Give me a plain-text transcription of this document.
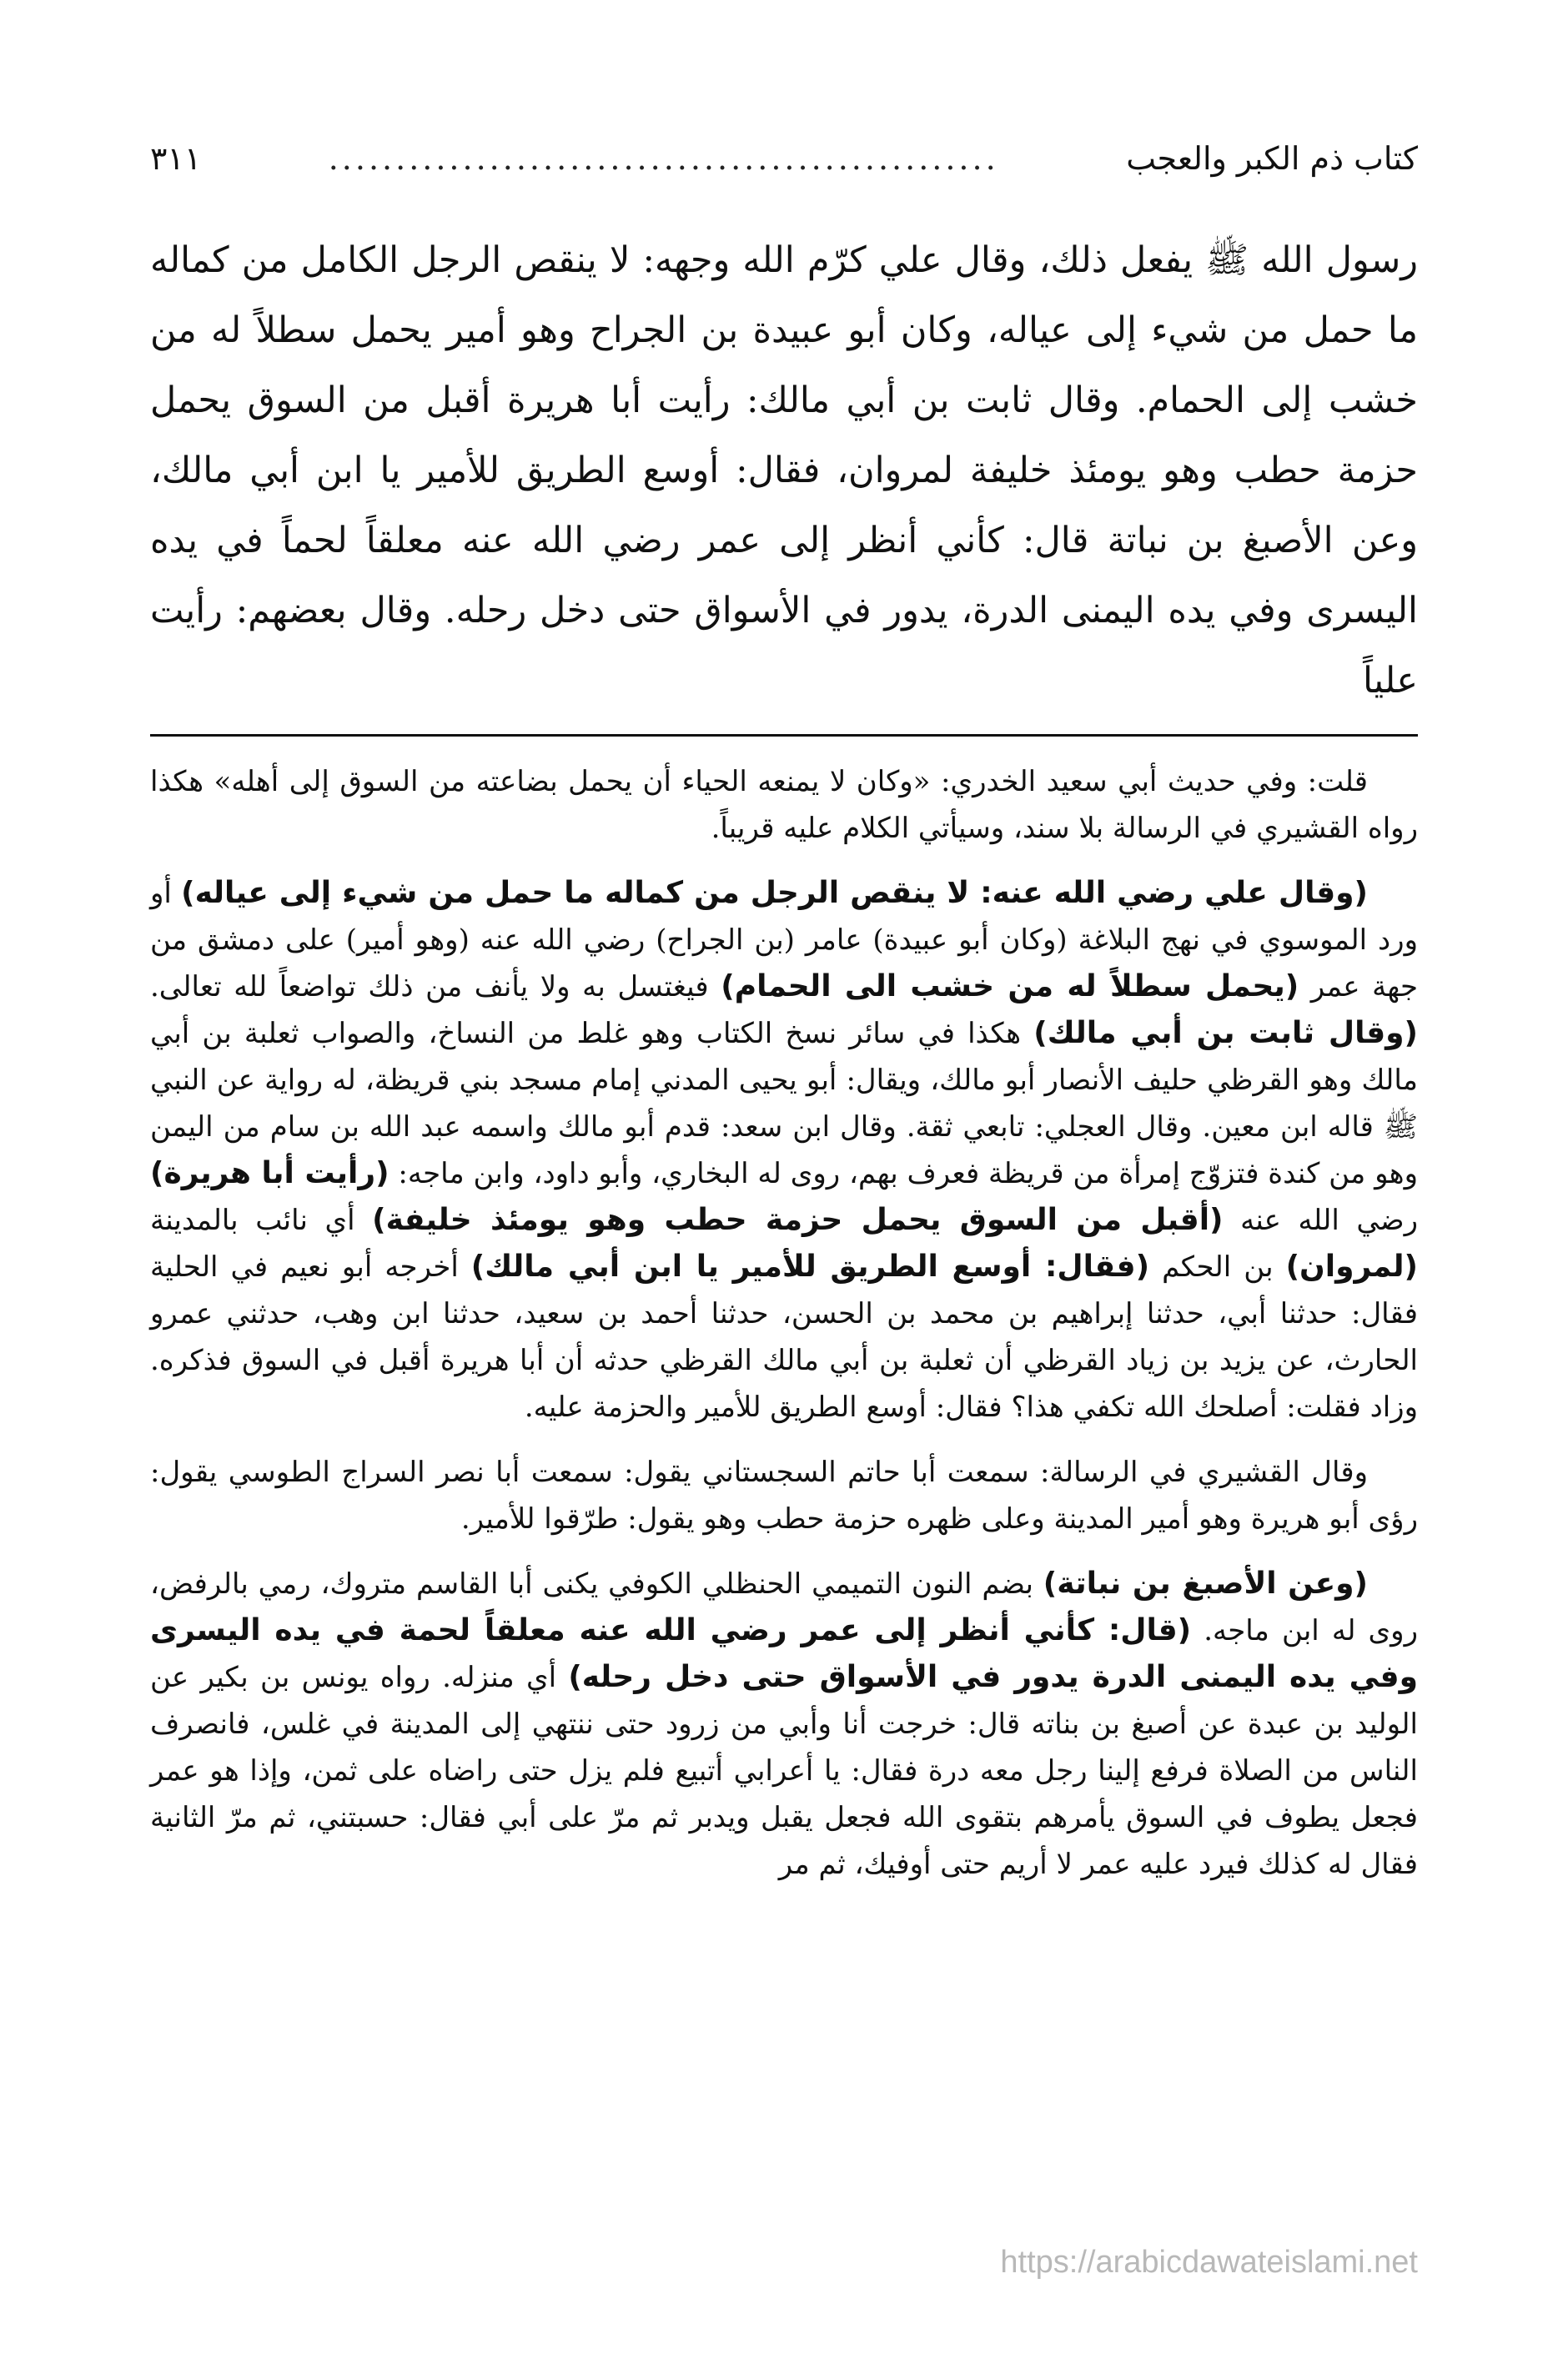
كتاب ذم الكبر والعجب
..................................................
٣١١
رسول الله ﷺ يفعل ذلك، وقال علي كرّم الله وجهه: لا ينقص الرجل الكامل من كماله ما حمل من شيء إلى عياله، وكان أبو عبيدة بن الجراح وهو أمير يحمل سطلاً له من خشب إلى الحمام. وقال ثابت بن أبي مالك: رأيت أبا هريرة أقبل من السوق يحمل حزمة حطب وهو يومئذ خليفة لمروان، فقال: أوسع الطريق للأمير يا ابن أبي مالك، وعن الأصبغ بن نباتة قال: كأني أنظر إلى عمر رضي الله عنه معلقاً لحماً في يده اليسرى وفي يده اليمنى الدرة، يدور في الأسواق حتى دخل رحله. وقال بعضهم: رأيت علياً

قلت: وفي حديث أبي سعيد الخدري: «وكان لا يمنعه الحياء أن يحمل بضاعته من السوق إلى أهله» هكذا رواه القشيري في الرسالة بلا سند، وسيأتي الكلام عليه قريباً.

(وقال علي رضي الله عنه: لا ينقص الرجل من كماله ما حمل من شيء إلى عياله) أو ورد الموسوي في نهج البلاغة (وكان أبو عبيدة) عامر (بن الجراح) رضي الله عنه (وهو أمير) على دمشق من جهة عمر (يحمل سطلاً له من خشب الى الحمام) فيغتسل به ولا يأنف من ذلك تواضعاً لله تعالى. (وقال ثابت بن أبي مالك) هكذا في سائر نسخ الكتاب وهو غلط من النساخ، والصواب ثعلبة بن أبي مالك وهو القرظي حليف الأنصار أبو مالك، ويقال: أبو يحيى المدني إمام مسجد بني قريظة، له رواية عن النبي ﷺ قاله ابن معين. وقال العجلي: تابعي ثقة. وقال ابن سعد: قدم أبو مالك واسمه عبد الله بن سام من اليمن وهو من كندة فتزوّج إمرأة من قريظة فعرف بهم، روى له البخاري، وأبو داود، وابن ماجه: (رأيت أبا هريرة) رضي الله عنه (أقبل من السوق يحمل حزمة حطب وهو يومئذ خليفة) أي نائب بالمدينة (لمروان) بن الحكم (فقال: أوسع الطريق للأمير يا ابن أبي مالك) أخرجه أبو نعيم في الحلية فقال: حدثنا أبي، حدثنا إبراهيم بن محمد بن الحسن، حدثنا أحمد بن سعيد، حدثنا ابن وهب، حدثني عمرو الحارث، عن يزيد بن زياد القرظي أن ثعلبة بن أبي مالك القرظي حدثه أن أبا هريرة أقبل في السوق فذكره. وزاد فقلت: أصلحك الله تكفي هذا؟ فقال: أوسع الطريق للأمير والحزمة عليه.

وقال القشيري في الرسالة: سمعت أبا حاتم السجستاني يقول: سمعت أبا نصر السراج الطوسي يقول: رؤى أبو هريرة وهو أمير المدينة وعلى ظهره حزمة حطب وهو يقول: طرّقوا للأمير.

(وعن الأصبغ بن نباتة) بضم النون التميمي الحنظلي الكوفي يكنى أبا القاسم متروك، رمي بالرفض، روى له ابن ماجه. (قال: كأني أنظر إلى عمر رضي الله عنه معلقاً لحمة في يده اليسرى وفي يده اليمنى الدرة يدور في الأسواق حتى دخل رحله) أي منزله. رواه يونس بن بكير عن الوليد بن عبدة عن أصبغ بن بناته قال: خرجت أنا وأبي من زرود حتى ننتهي إلى المدينة في غلس، فانصرف الناس من الصلاة فرفع إلينا رجل معه درة فقال: يا أعرابي أتبيع فلم يزل حتى راضاه على ثمن، وإذا هو عمر فجعل يطوف في السوق يأمرهم بتقوى الله فجعل يقبل ويدبر ثم مرّ على أبي فقال: حسبتني، ثم مرّ الثانية فقال له كذلك فيرد عليه عمر لا أريم حتى أوفيك، ثم مر

https://arabicdawateislami.net
